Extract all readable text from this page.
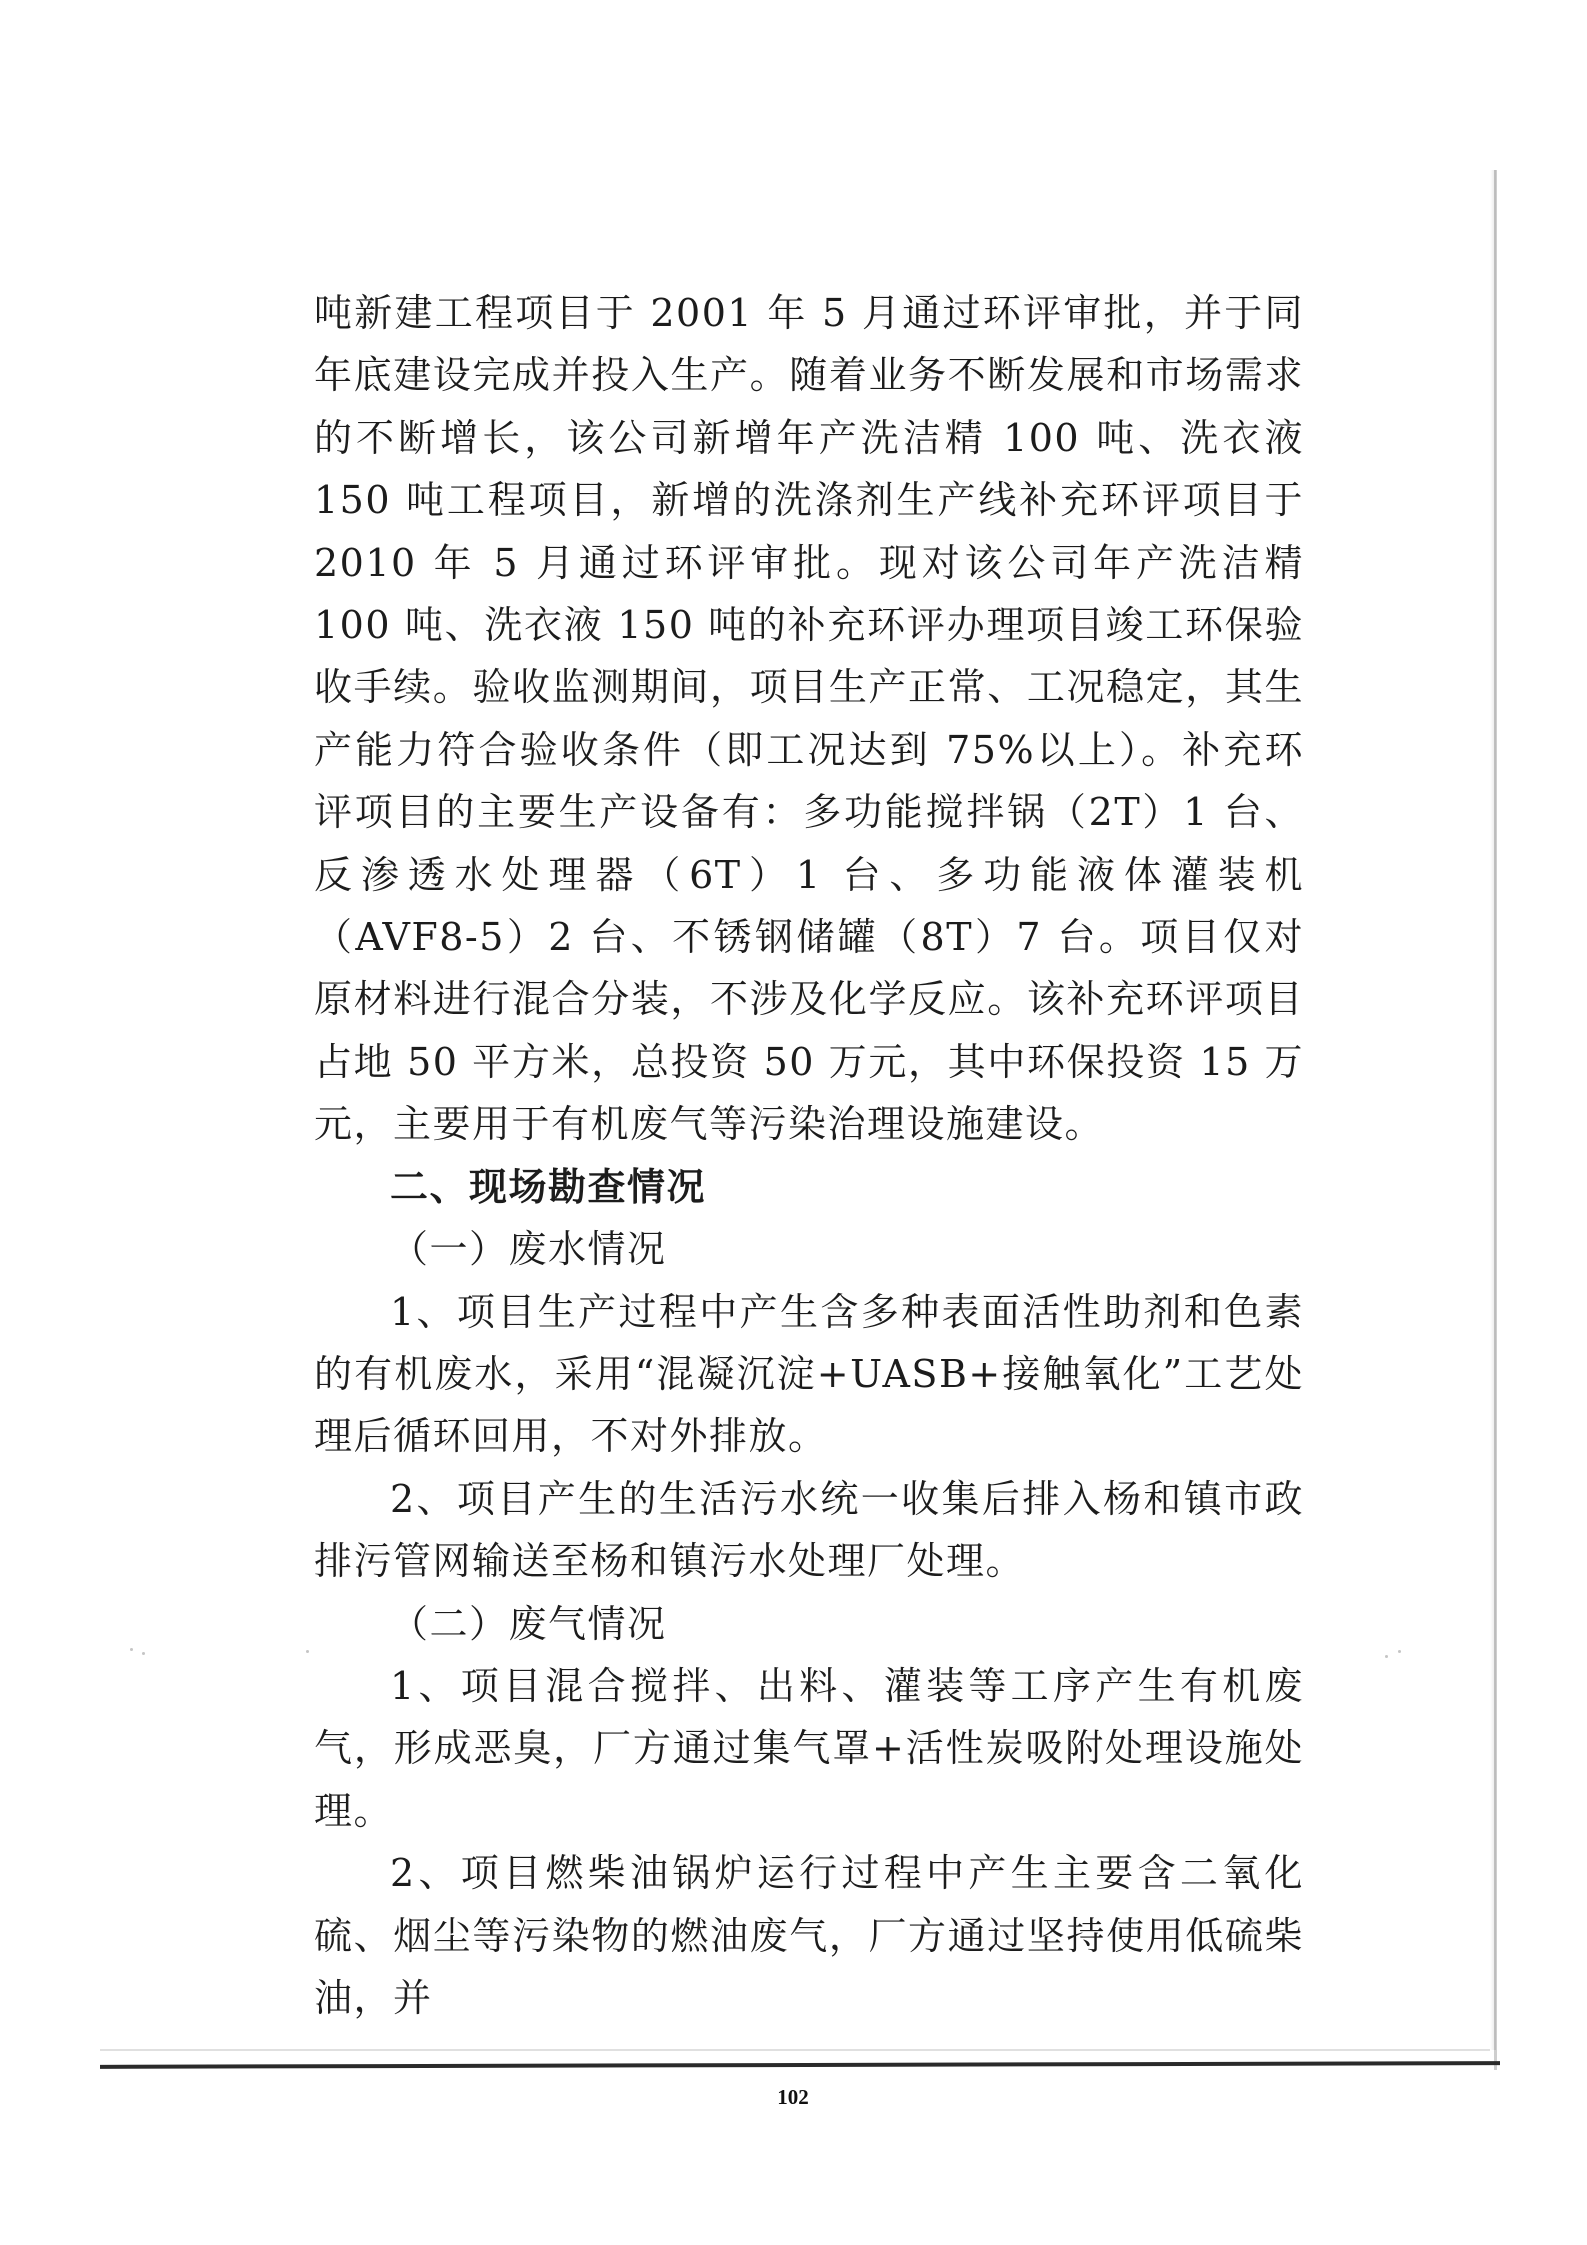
吨新建工程项目于 2001 年 5 月通过环评审批，并于同年底建设完成并投入生产。随着业务不断发展和市场需求的不断增长，该公司新增年产洗洁精 100 吨、洗衣液 150 吨工程项目，新增的洗涤剂生产线补充环评项目于 2010 年 5 月通过环评审批。现对该公司年产洗洁精 100 吨、洗衣液 150 吨的补充环评办理项目竣工环保验收手续。验收监测期间，项目生产正常、工况稳定，其生产能力符合验收条件（即工况达到 75%以上）。补充环评项目的主要生产设备有：多功能搅拌锅（2T）1 台、反渗透水处理器（6T）1 台、多功能液体灌装机（AVF8-5）2 台、不锈钢储罐（8T）7 台。项目仅对原材料进行混合分装，不涉及化学反应。该补充环评项目占地 50 平方米，总投资 50 万元，其中环保投资 15 万元，主要用于有机废气等污染治理设施建设。

二、现场勘查情况

（一）废水情况

1、项目生产过程中产生含多种表面活性助剂和色素的有机废水，采用“混凝沉淀+UASB+接触氧化”工艺处理后循环回用，不对外排放。

2、项目产生的生活污水统一收集后排入杨和镇市政排污管网输送至杨和镇污水处理厂处理。

（二）废气情况

1、项目混合搅拌、出料、灌装等工序产生有机废气，形成恶臭，厂方通过集气罩+活性炭吸附处理设施处理。

2、项目燃柴油锅炉运行过程中产生主要含二氧化硫、烟尘等污染物的燃油废气，厂方通过坚持使用低硫柴油，并

102
